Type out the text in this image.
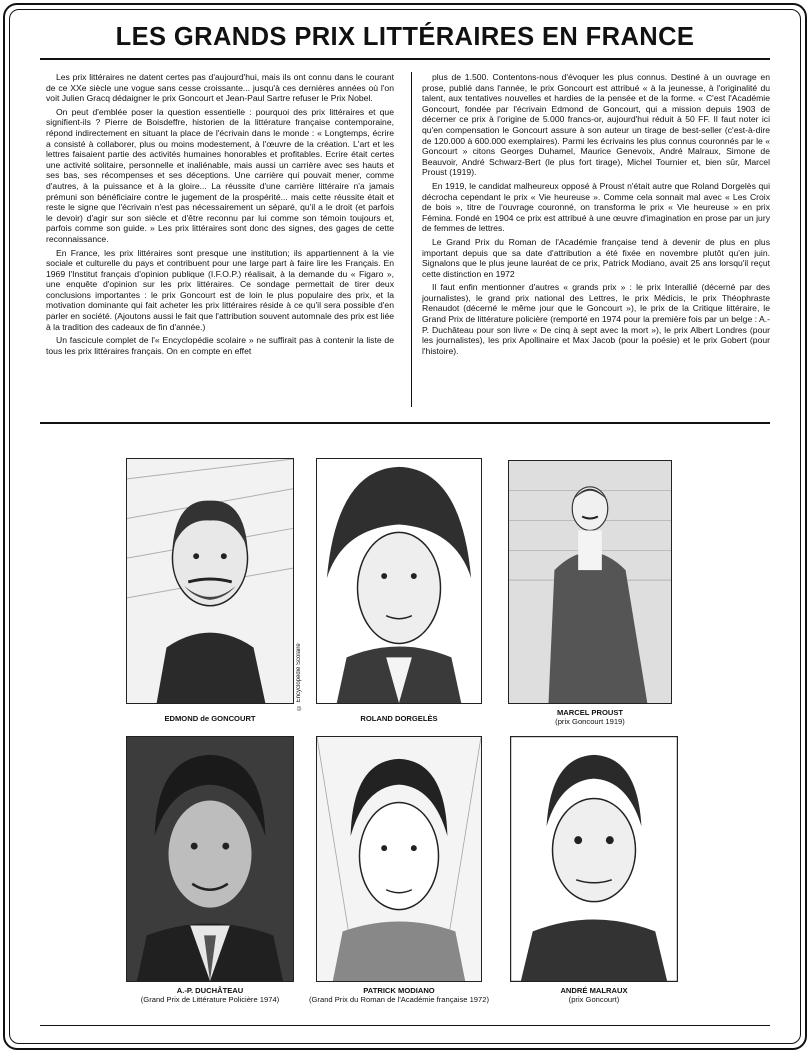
LES GRANDS PRIX LITTÉRAIRES EN FRANCE

Les prix littéraires ne datent certes pas d'aujourd'hui, mais ils ont connu dans le courant de ce XXe siècle une vogue sans cesse croissante... jusqu'à ces dernières années où l'on voit Julien Gracq dédaigner le prix Goncourt et Jean-Paul Sartre refuser le Prix Nobel.

On peut d'emblée poser la question essentielle : pourquoi des prix littéraires et que signifient-ils ? Pierre de Boisdeffre, historien de la littérature française contemporaine, répond indirectement en situant la place de l'écrivain dans le monde : « Longtemps, écrire a consisté à collaborer, plus ou moins modestement, à l'œuvre de la création. L'art et les lettres faisaient partie des activités humaines honorables et profitables. Ecrire était certes une activité solitaire, personnelle et inaliénable, mais aussi un carrière avec ses hauts et ses bas, ses récompenses et ses déceptions. Une carrière qui pouvait mener, comme d'autres, à la puissance et à la gloire... La réussite d'une carrière littéraire n'a jamais prémuni son bénéficiaire contre le jugement de la prospérité... mais cette réussite était et reste le signe que l'écrivain n'est pas nécessairement un séparé, qu'il a le droit (et parfois le devoir) d'agir sur son siècle et d'être reconnu par lui comme son témoin toujours et, parfois comme son guide. » Les prix littéraires sont donc des signes, des gages de cette reconnaissance.

En France, les prix littéraires sont presque une institution; ils appartiennent à la vie sociale et culturelle du pays et contribuent pour une large part à faire lire les Français. En 1969 l'Institut français d'opinion publique (I.F.O.P.) réalisait, à la demande du « Figaro », une enquête d'opinion sur les prix littéraires. Ce sondage permettait de tirer deux conclusions importantes : le prix Goncourt est de loin le plus populaire des prix, et la motivation dominante qui fait acheter les prix littéraires réside à ce qu'il sera possible d'en parler en société. (Ajoutons aussi le fait que l'attribution souvent automnale des prix est liée à la tradition des cadeaux de fin d'année.)

Un fascicule complet de l'« Encyclopédie scolaire » ne suffirait pas à contenir la liste de tous les prix littéraires français. On en compte en effet

plus de 1.500. Contentons-nous d'évoquer les plus connus. Destiné à un ouvrage en prose, publié dans l'année, le prix Goncourt est attribué « à la jeunesse, à l'originalité du talent, aux tentatives nouvelles et hardies de la pensée et de la forme. « C'est l'Académie Goncourt, fondée par l'écrivain Edmond de Goncourt, qui a mission depuis 1903 de décerner ce prix à l'origine de 5.000 francs-or, aujourd'hui réduit à 50 FF. Il faut noter ici qu'en compensation le Goncourt assure à son auteur un tirage de best-seller (c'est-à-dire de 120.000 à 600.000 exemplaires). Parmi les écrivains les plus connus couronnés par le « Goncourt » citons Georges Duhamel, Maurice Genevoix, André Malraux, Simone de Beauvoir, André Schwarz-Bert (le plus fort tirage), Michel Tournier et, bien sûr, Marcel Proust (1919).

En 1919, le candidat malheureux opposé à Proust n'était autre que Roland Dorgelès qui décrocha cependant le prix « Vie heureuse ». Comme cela sonnait mal avec « Les Croix de bois », titre de l'ouvrage couronné, on transforma le prix « Vie heureuse » en prix Fémina. Fondé en 1904 ce prix est attribué à une œuvre d'imagination en prose par un jury de femmes de lettres.

Le Grand Prix du Roman de l'Académie française tend à devenir de plus en plus important depuis que sa date d'attribution a été fixée en novembre plutôt qu'en juin. Signalons que le plus jeune lauréat de ce prix, Patrick Modiano, avait 25 ans lorsqu'il reçut cette distinction en 1972

Il faut enfin mentionner d'autres « grands prix » : le prix Interallié (décerné par des journalistes), le grand prix national des Lettres, le prix Médicis, le prix Théophraste Renaudot (décerné le même jour que le Goncourt »), le prix de la Critique littéraire, le Grand Prix de littérature policière (remporté en 1974 pour la première fois par un belge : A.-P. Duchâteau pour son livre « De cinq à sept avec la mort »), le prix Albert Londres (pour les journalistes), les prix Apollinaire et Max Jacob (pour la poésie) et le prix Gobert (pour l'histoire).

© Encyclopédie Scolaire
EDMOND de GONCOURT	ROLAND DORGELÈS
MARCEL PROUST
(prix Goncourt 1919)
A.-P. DUCHÂTEAU
(Grand Prix de Littérature Policière 1974)
PATRICK MODIANO
(Grand Prix du Roman de l'Académie française 1972)
ANDRÉ MALRAUX
(prix Goncourt)
